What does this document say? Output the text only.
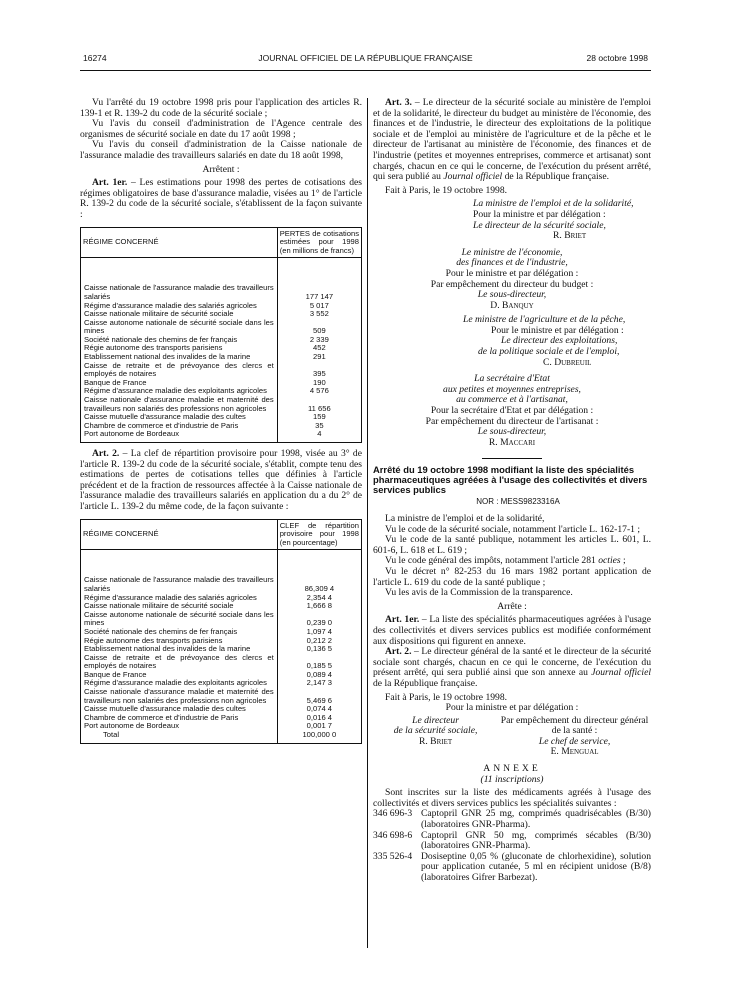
16274	JOURNAL OFFICIEL DE LA RÉPUBLIQUE FRANÇAISE	28 octobre 1998

Vu l'arrêté du 19 octobre 1998 pris pour l'application des articles R. 139-1 et R. 139-2 du code de la sécurité sociale ;

Vu l'avis du conseil d'administration de l'Agence centrale des organismes de sécurité sociale en date du 17 août 1998 ;

Vu l'avis du conseil d'administration de la Caisse nationale de l'assurance maladie des travailleurs salariés en date du 18 août 1998,

Arrêtent :

Art. 1er. – Les estimations pour 1998 des pertes de cotisations des régimes obligatoires de base d'assurance maladie, visées au 1° de l'article R. 139-2 du code de la sécurité sociale, s'établissent de la façon suivante :

RÉGIME CONCERNÉ	PERTES de cotisations estimées pour 1998 (en millions de francs)

Caisse nationale de l'assurance maladie des travailleurs salariés	177 147
Régime d'assurance maladie des salariés agricoles	5 017
Caisse nationale militaire de sécurité sociale	3 552
Caisse autonome nationale de sécurité sociale dans les mines	509
Société nationale des chemins de fer français	2 339
Régie autonome des transports parisiens	452
Etablissement national des invalides de la marine	291
Caisse de retraite et de prévoyance des clercs et employés de notaires	395
Banque de France	190
Régime d'assurance maladie des exploitants agricoles	4 576
Caisse nationale d'assurance maladie et maternité des travailleurs non salariés des professions non agricoles	11 656
Caisse mutuelle d'assurance maladie des cultes	159
Chambre de commerce et d'industrie de Paris	35
Port autonome de Bordeaux	4

Art. 2. – La clef de répartition provisoire pour 1998, visée au 3° de l'article R. 139-2 du code de la sécurité sociale, s'établit, compte tenu des estimations de pertes de cotisations telles que définies à l'article précédent et de la fraction de ressources affectée à la Caisse nationale de l'assurance maladie des travailleurs salariés en application du a du 2° de l'article L. 139-2 du même code, de la façon suivante :

RÉGIME CONCERNÉ	CLEF de répartition provisoire pour 1998 (en pourcentage)

Caisse nationale de l'assurance maladie des travailleurs salariés	86,309 4
Régime d'assurance maladie des salariés agricoles	2,354 4
Caisse nationale militaire de sécurité sociale	1,666 8
Caisse autonome nationale de sécurité sociale dans les mines	0,239 0
Société nationale des chemins de fer français	1,097 4
Régie autonome des transports parisiens	0,212 2
Etablissement national des invalides de la marine	0,136 5
Caisse de retraite et de prévoyance des clercs et employés de notaires	0,185 5
Banque de France	0,089 4
Régime d'assurance maladie des exploitants agricoles	2,147 3
Caisse nationale d'assurance maladie et maternité des travailleurs non salariés des professions non agricoles	5,469 6
Caisse mutuelle d'assurance maladie des cultes	0,074 4
Chambre de commerce et d'industrie de Paris	0,016 4
Port autonome de Bordeaux	0,001 7
Total	100,000 0

Art. 3. – Le directeur de la sécurité sociale au ministère de l'emploi et de la solidarité, le directeur du budget au ministère de l'économie, des finances et de l'industrie, le directeur des exploitations de la politique sociale et de l'emploi au ministère de l'agriculture et de la pêche et le directeur de l'artisanat au ministère de l'économie, des finances et de l'industrie (petites et moyennes entreprises, commerce et artisanat) sont chargés, chacun en ce qui le concerne, de l'exécution du présent arrêté, qui sera publié au Journal officiel de la République française.

Fait à Paris, le 19 octobre 1998.

La ministre de l'emploi et de la solidarité,

Pour la ministre et par délégation :

Le directeur de la sécurité sociale,

R. Briet

Le ministre de l'économie,

des finances et de l'industrie,

Pour le ministre et par délégation :

Par empêchement du directeur du budget :

Le sous-directeur,

D. Banquy

Le ministre de l'agriculture et de la pêche,

Pour le ministre et par délégation :

Le directeur des exploitations,

de la politique sociale et de l'emploi,

C. Dubreuil

La secrétaire d'Etat

aux petites et moyennes entreprises,

au commerce et à l'artisanat,

Pour la secrétaire d'Etat et par délégation :

Par empêchement du directeur de l'artisanat :

Le sous-directeur,

R. Maccari

Arrêté du 19 octobre 1998 modifiant la liste des spécialités pharmaceutiques agréées à l'usage des collectivités et divers services publics

NOR : MESS9823316A

La ministre de l'emploi et de la solidarité,

Vu le code de la sécurité sociale, notamment l'article L. 162-17-1 ;

Vu le code de la santé publique, notamment les articles L. 601, L. 601-6, L. 618 et L. 619 ;

Vu le code général des impôts, notamment l'article 281 octies ;

Vu le décret n° 82-253 du 16 mars 1982 portant application de l'article L. 619 du code de la santé publique ;

Vu les avis de la Commission de la transparence.

Arrête :

Art. 1er. – La liste des spécialités pharmaceutiques agréées à l'usage des collectivités et divers services publics est modifiée conformément aux dispositions qui figurent en annexe.

Art. 2. – Le directeur général de la santé et le directeur de la sécurité sociale sont chargés, chacun en ce qui le concerne, de l'exécution du présent arrêté, qui sera publié ainsi que son annexe au Journal officiel de la République française.

Fait à Paris, le 19 octobre 1998.

Pour la ministre et par délégation :

Le directeur
de la sécurité sociale,
R. Briet
Par empêchement du directeur général
de la santé :
Le chef de service,
E. Mengual

ANNEXE

(11 inscriptions)

Sont inscrites sur la liste des médicaments agréés à l'usage des collectivités et divers services publics les spécialités suivantes :

346 696-3 Captopril GNR 25 mg, comprimés quadrisécables (B/30) (laboratoires GNR-Pharma).
346 698-6 Captopril GNR 50 mg, comprimés sécables (B/30) (laboratoires GNR-Pharma).
335 526-4 Dosiseptine 0,05 % (gluconate de chlorhexidine), solution pour application cutanée, 5 ml en récipient unidose (B/8) (laboratoires Gifrer Barbezat).
